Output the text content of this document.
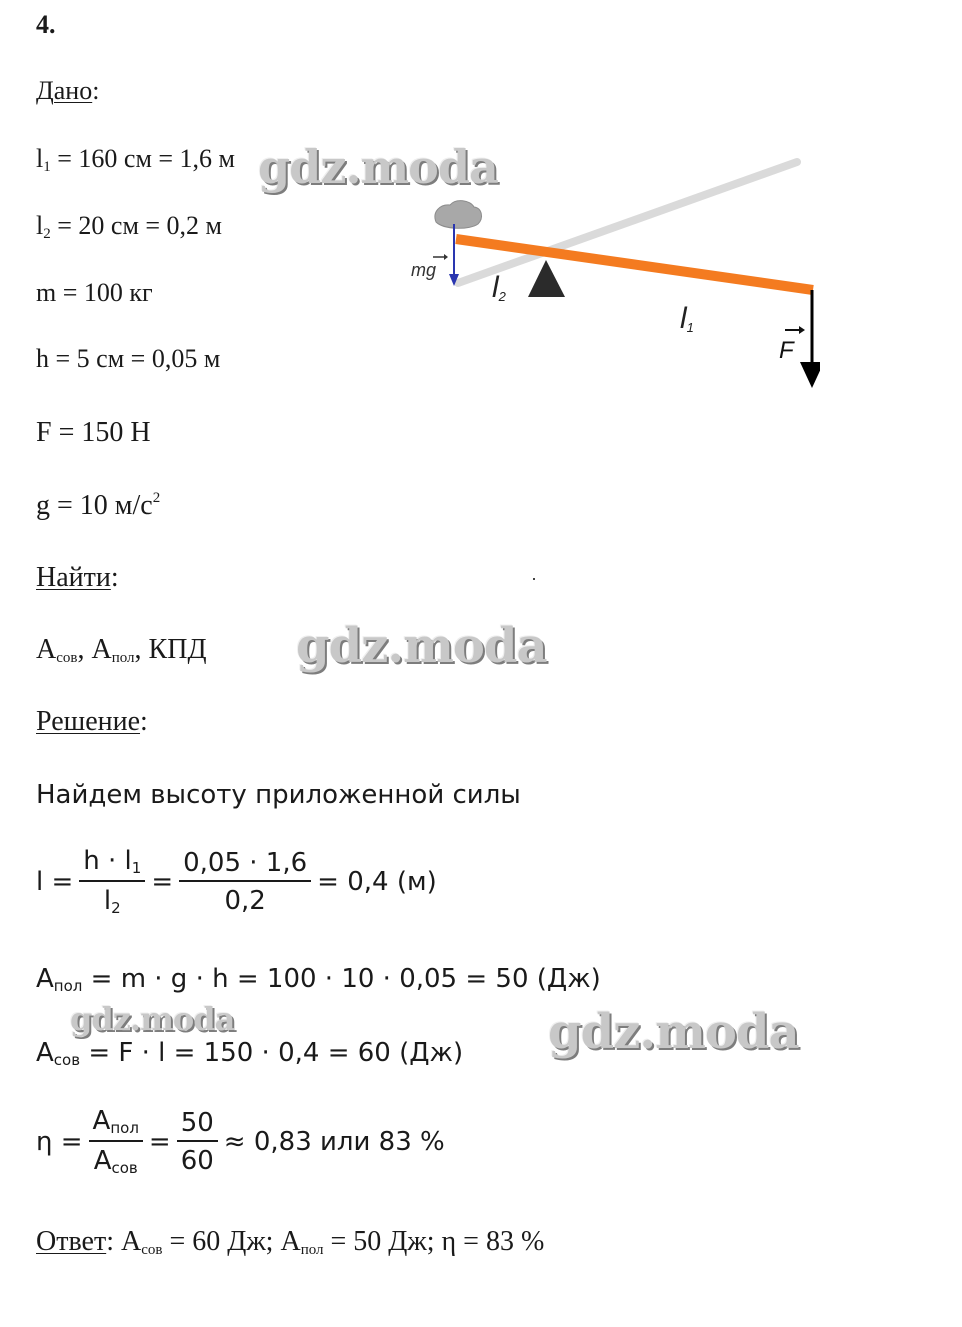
4.
Дано:
$l_1 = 160$ см = 1,6 м
$l_2 = 20$ см = 0,2 м
m = 100 кг
h = 5 см = 0,05 м
F = 150 Н
g = 10 $м/с^2$
Найти:
$A_{сов}$, $A_{пол}$, КПД
Решение:
Найдем высоту приложенной силы
$l = \frac{h \cdot l_1}{l_2} = \frac{0,05 \cdot 1,6}{0,2} = 0,4$ (м)
$A_{пол} = m \cdot g \cdot h = 100 \cdot 10 \cdot 0,05 = 50$ (Дж)
$A_{сов} = F \cdot l = 150 \cdot 0,4 = 60$ (Дж)
$\eta = \frac{A_{пол}}{A_{сов}} = \frac{50}{60} \approx 0,83$ или 83 %
Ответ: $A_{сов} = 60$ Дж; $A_{пол} = 50$ Дж; η = 83 %
mg
F
l2
l1
gdz.moda
gdz.moda
gdz.moda	gdz.moda
